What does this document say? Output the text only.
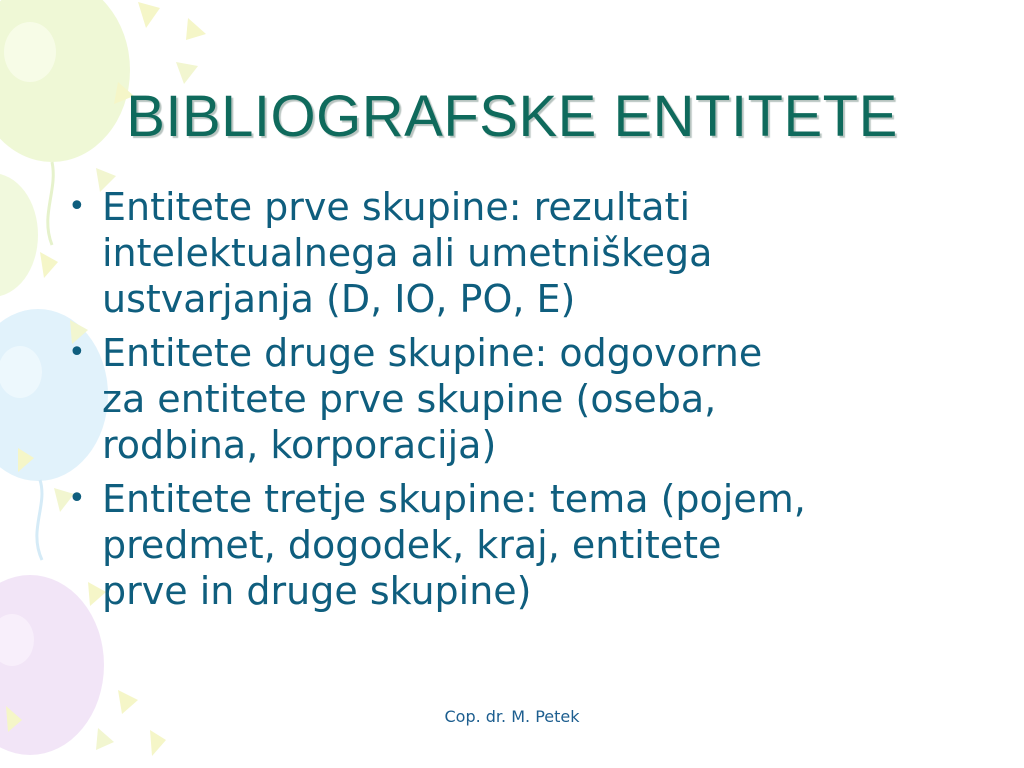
BIBLIOGRAFSKE ENTITETE
• Entitete prve skupine: rezultati
intelektualnega ali umetniškega
ustvarjanja (D, IO, PO, E)
• Entitete druge skupine: odgovorne
za entitete prve skupine (oseba,
rodbina, korporacija)
• Entitete tretje skupine: tema (pojem,
predmet, dogodek, kraj, entitete
prve in druge skupine)
Cop. dr. M. Petek
